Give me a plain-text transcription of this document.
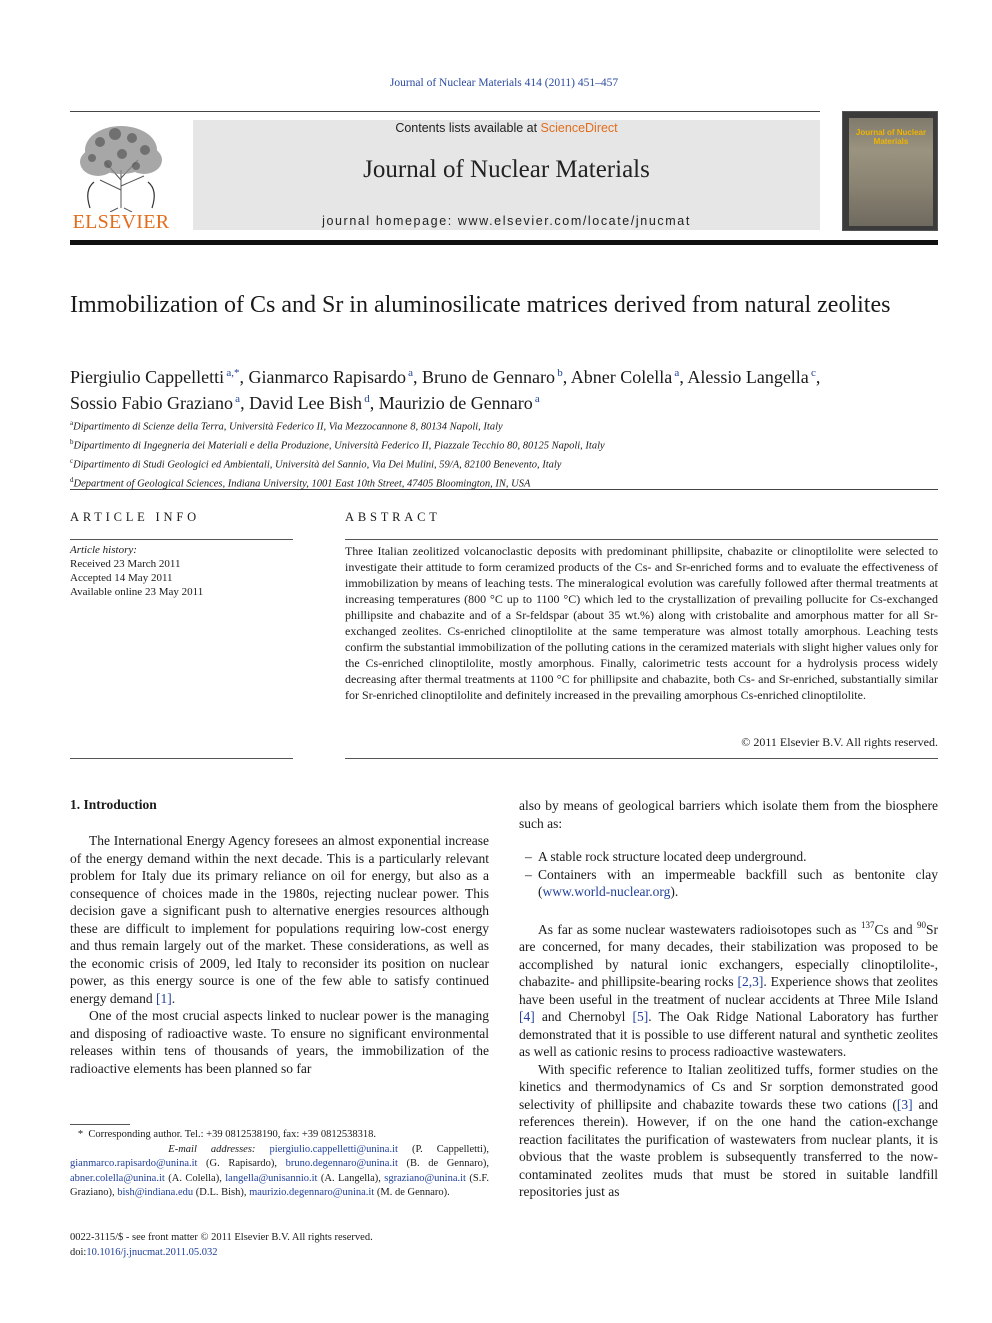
Journal of Nuclear Materials 414 (2011) 451–457
ELSEVIER
Contents lists available at ScienceDirect
Journal of Nuclear Materials
journal homepage: www.elsevier.com/locate/jnucmat
Journal of Nuclear Materials
Immobilization of Cs and Sr in aluminosilicate matrices derived from natural zeolites
Piergiulio Cappelletti $^{a,*}$, Gianmarco Rapisardo $^a$, Bruno de Gennaro $^b$, Abner Colella $^a$, Alessio Langella $^c$,
Sossio Fabio Graziano $^a$, David Lee Bish $^d$, Maurizio de Gennaro $^a$
$^a$Dipartimento di Scienze della Terra, Università Federico II, Via Mezzocannone 8, 80134 Napoli, Italy
$^b$Dipartimento di Ingegneria dei Materiali e della Produzione, Università Federico II, Piazzale Tecchio 80, 80125 Napoli, Italy
$^c$Dipartimento di Studi Geologici ed Ambientali, Università del Sannio, Via Dei Mulini, 59/A, 82100 Benevento, Italy
$^d$Department of Geological Sciences, Indiana University, 1001 East 10th Street, 47405 Bloomington, IN, USA
ARTICLE INFO
Article history:
Received 23 March 2011
Accepted 14 May 2011
Available online 23 May 2011
ABSTRACT
Three Italian zeolitized volcanoclastic deposits with predominant phillipsite, chabazite or clinoptilolite were selected to investigate their attitude to form ceramized products of the Cs- and Sr-enriched forms and to evaluate the effectiveness of immobilization by means of leaching tests. The mineralogical evolution was carefully followed after thermal treatments at increasing temperatures (800 °C up to 1100 °C) which led to the crystallization of prevailing pollucite for Cs-exchanged phillipsite and chabazite and of a Sr-feldspar (about 35 wt.%) along with cristobalite and amorphous matter for all Sr-exchanged zeolites. Cs-enriched clinoptilolite at the same temperature was almost totally amorphous. Leaching tests confirm the substantial immobilization of the polluting cations in the ceramized materials with slight higher values only for the Cs-enriched clinoptilolite, mostly amorphous. Finally, calorimetric tests account for a hydrolysis process widely decreasing after thermal treatments at 1100 °C for phillipsite and chabazite, both Cs- and Sr-enriched, substantially similar for Sr-enriched clinoptilolite and definitely increased in the prevailing amorphous Cs-enriched clinoptilolite.
© 2011 Elsevier B.V. All rights reserved.
1. Introduction

The International Energy Agency foresees an almost exponential increase of the energy demand within the next decade. This is a particularly relevant problem for Italy due its primary reliance on oil for energy, but also as a consequence of choices made in the 1980s, rejecting nuclear power. This decision gave a significant push to alternative energies resources although these are difficult to implement for populations requiring low-cost energy and thus remain largely out of the market. These considerations, as well as the economic crisis of 2009, led Italy to reconsider its position on nuclear power, as this energy source is one of the few able to satisfy continued energy demand [1].

One of the most crucial aspects linked to nuclear power is the managing and disposing of radioactive waste. To ensure no significant environmental releases within tens of thousands of years, the immobilization of the radioactive elements has been planned so far

also by means of geological barriers which isolate them from the biosphere such as:

– A stable rock structure located deep underground.
– Containers with an impermeable backfill such as bentonite clay (www.world-nuclear.org).

As far as some nuclear wastewaters radioisotopes such as $^{137}$Cs and $^{90}$Sr are concerned, for many decades, their stabilization was proposed to be accomplished by natural ionic exchangers, especially clinoptilolite-, chabazite- and phillipsite-bearing rocks [2,3]. Experience shows that zeolites have been useful in the treatment of nuclear accidents at Three Mile Island [4] and Chernobyl [5]. The Oak Ridge National Laboratory has further demonstrated that it is possible to use different natural and synthetic zeolites as well as cationic resins to process radioactive wastewaters.

With specific reference to Italian zeolitized tuffs, former studies on the kinetics and thermodynamics of Cs and Sr sorption demonstrated good selectivity of phillipsite and chabazite towards these two cations ([3] and references therein). However, if on the one hand the cation-exchange reaction facilitates the purification of wastewaters from nuclear plants, it is obvious that the waste problem is subsequently transferred to the now-contaminated zeolites muds that must be stored in suitable landfill repositories just as

*  Corresponding author. Tel.: +39 0812538190, fax: +39 0812538318.
E-mail addresses: piergiulio.cappelletti@unina.it (P. Cappelletti), gianmarco.rapisardo@unina.it (G. Rapisardo), bruno.degennaro@unina.it (B. de Gennaro), abner.colella@unina.it (A. Colella), langella@unisannio.it (A. Langella), sgraziano@unina.it (S.F. Graziano), bish@indiana.edu (D.L. Bish), maurizio.degennaro@unina.it (M. de Gennaro).
0022-3115/$ - see front matter © 2011 Elsevier B.V. All rights reserved.
doi:10.1016/j.jnucmat.2011.05.032
